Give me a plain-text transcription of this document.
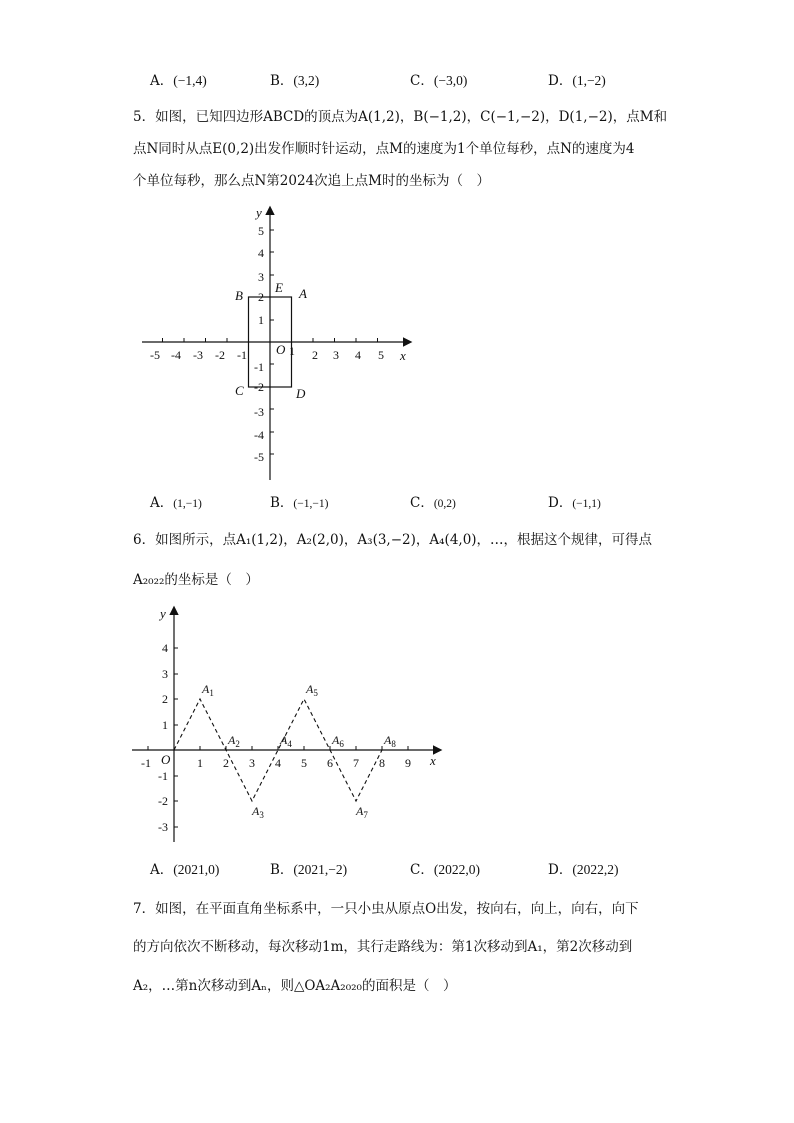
A．(−1,4)	B．(3,2)	C．(−3,0)	D．(1,−2)
5．如图，已知四边形ABCD的顶点为A(1,2)，B(−1,2)，C(−1,−2)，D(1,−2)，点M和
点N同时从点E(0,2)出发作顺时针运动，点M的速度为1个单位每秒，点N的速度为4
个单位每秒，那么点N第2024次追上点M时的坐标为（　）
-5 -4 -3 -2 -1	1 2 3 4 5
5
4
3
2
1
-1
-2
-3
-4
-5
y
x
O
A
B
C	D
E
A．(1,−1)	B．(−1,−1)	C．(0,2)	D．(−1,1)
6．如图所示，点A₁(1,2)，A₂(2,0)，A₃(3,−2)，A₄(4,0)，…，根据这个规律，可得点
A₂₀₂₂的坐标是（　）
$A_1$
$A_2$
$A_3$
$A_4$
$A_5$
$A_6$
$A_7$
$A_8$
-1	1 2 3 4 5 6 7 8 9
4
3
2
1
-1
-2
-3
y
x
O
A．(2021,0)	B．(2021,−2)	C．(2022,0)	D．(2022,2)
7．如图，在平面直角坐标系中，一只小虫从原点O出发，按向右，向上，向右，向下
的方向依次不断移动，每次移动1m，其行走路线为：第1次移动到A₁，第2次移动到
A₂，…第n次移动到Aₙ，则△OA₂A₂₀₂₀的面积是（　）
